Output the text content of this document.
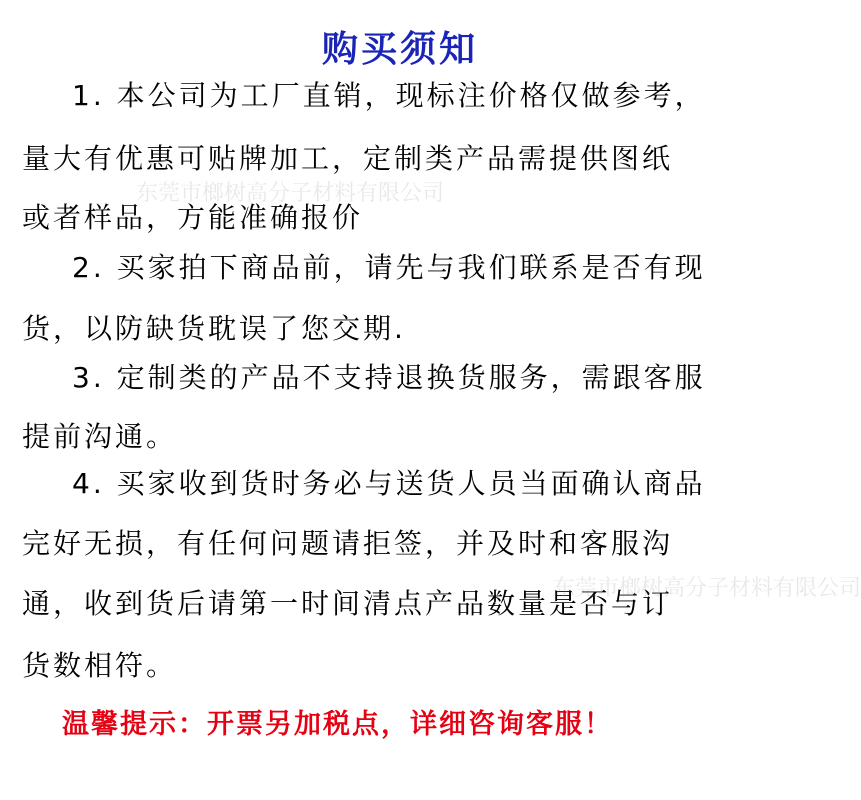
购买须知
1. 本公司为工厂直销，现标注价格仅做参考，
量大有优惠可贴牌加工，定制类产品需提供图纸
或者样品，方能准确报价
2. 买家拍下商品前，请先与我们联系是否有现
货，以防缺货耽误了您交期.
3. 定制类的产品不支持退换货服务，需跟客服
提前沟通。
4. 买家收到货时务必与送货人员当面确认商品
完好无损，有任何问题请拒签，并及时和客服沟
通，收到货后请第一时间清点产品数量是否与订
货数相符。
温馨提示：开票另加税点，详细咨询客服！
东莞市榔树高分子材料有限公司
东莞市榔树高分子材料有限公司
